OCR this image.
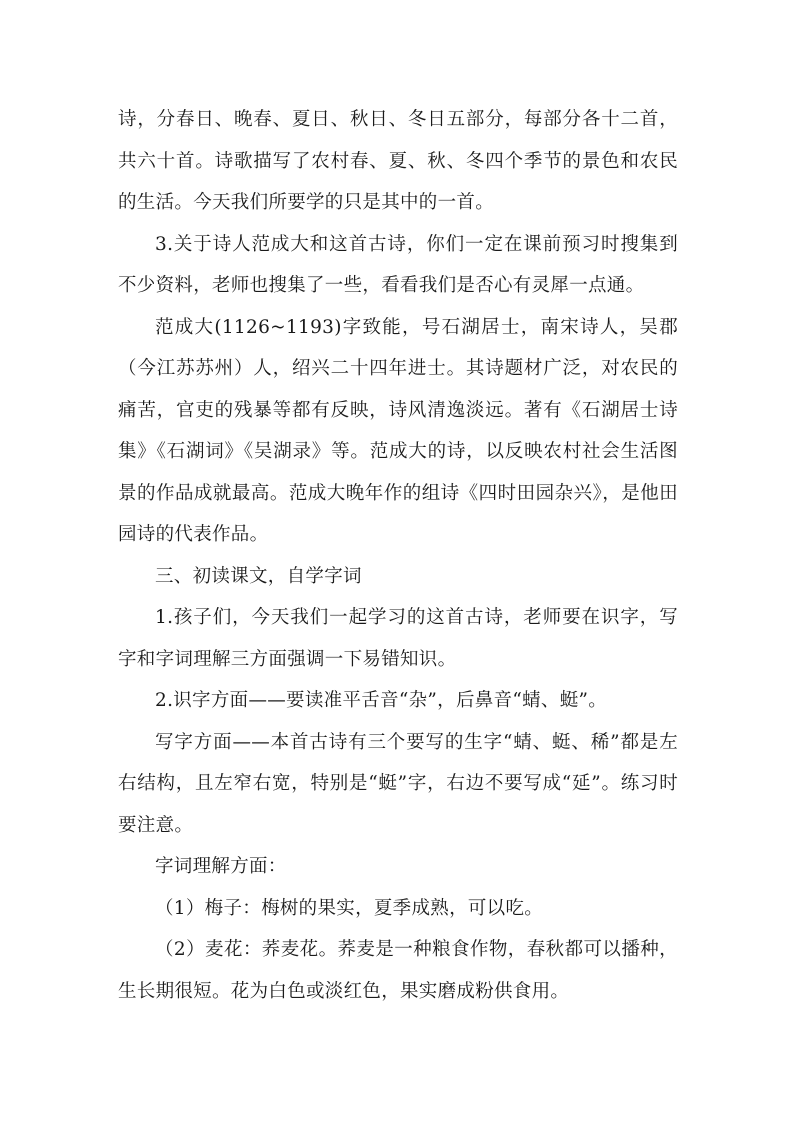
诗，分春日、晚春、夏日、秋日、冬日五部分，每部分各十二首，共六十首。诗歌描写了农村春、夏、秋、冬四个季节的景色和农民的生活。今天我们所要学的只是其中的一首。

3.关于诗人范成大和这首古诗，你们一定在课前预习时搜集到不少资料，老师也搜集了一些，看看我们是否心有灵犀一点通。

范成大(1126~1193)字致能，号石湖居士，南宋诗人，吴郡（今江苏苏州）人，绍兴二十四年进士。其诗题材广泛，对农民的痛苦，官吏的残暴等都有反映，诗风清逸淡远。著有《石湖居士诗集》《石湖词》《吴湖录》等。范成大的诗，以反映农村社会生活图景的作品成就最高。范成大晚年作的组诗《四时田园杂兴》，是他田园诗的代表作品。

三、初读课文，自学字词

1.孩子们，今天我们一起学习的这首古诗，老师要在识字，写字和字词理解三方面强调一下易错知识。

2.识字方面——要读准平舌音“杂”，后鼻音“蜻、蜓”。

写字方面——本首古诗有三个要写的生字“蜻、蜓、稀”都是左右结构，且左窄右宽，特别是“蜓”字，右边不要写成“延”。练习时要注意。

字词理解方面：

（1）梅子：梅树的果实，夏季成熟，可以吃。

（2）麦花：荞麦花。荞麦是一种粮食作物，春秋都可以播种，生长期很短。花为白色或淡红色，果实磨成粉供食用。
